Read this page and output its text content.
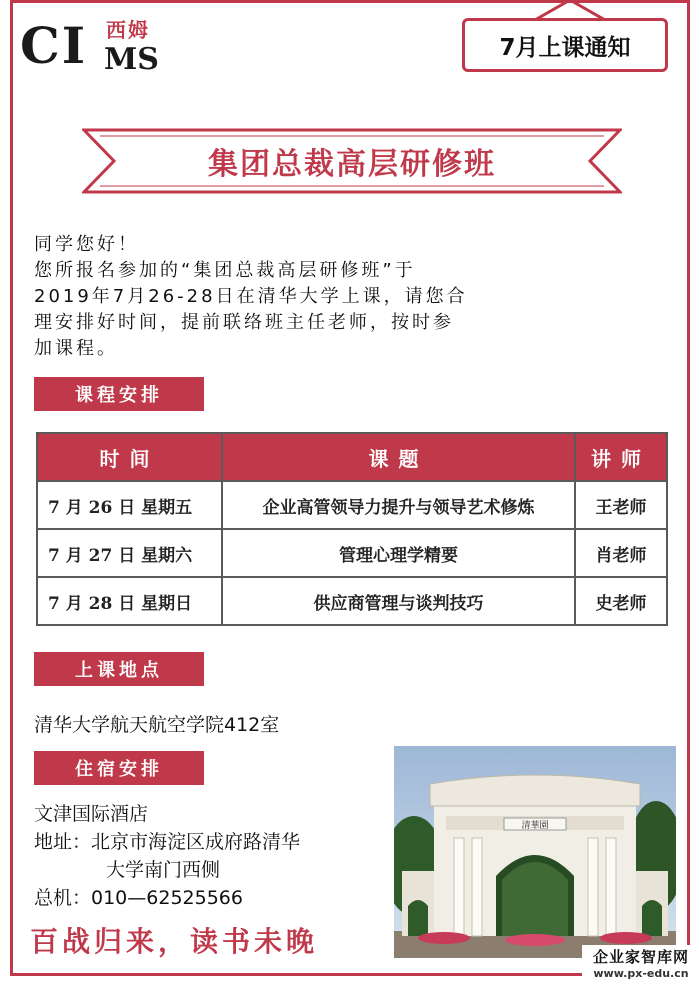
CI 西姆
MS	7月上课通知
集团总裁高层研修班

同学您好！

您所报名参加的“集团总裁高层研修班”于

2019年7月26-28日在清华大学上课，请您合

理安排好时间，提前联络班主任老师，按时参

加课程。

课程安排
时间	课题	讲师
7 月 26 日 星期五	企业高管领导力提升与领导艺术修炼	王老师
7 月 27 日 星期六	管理心理学精要	肖老师
7 月 28 日 星期日	供应商管理与谈判技巧	史老师
上课地点
清华大学航天航空学院412室
住宿安排
文津国际酒店
地址：北京市海淀区成府路清华
大学南门西侧
总机：010—62525566
百战归来，读书未晚
清華園
企业家智库网
www.px-edu.cn
